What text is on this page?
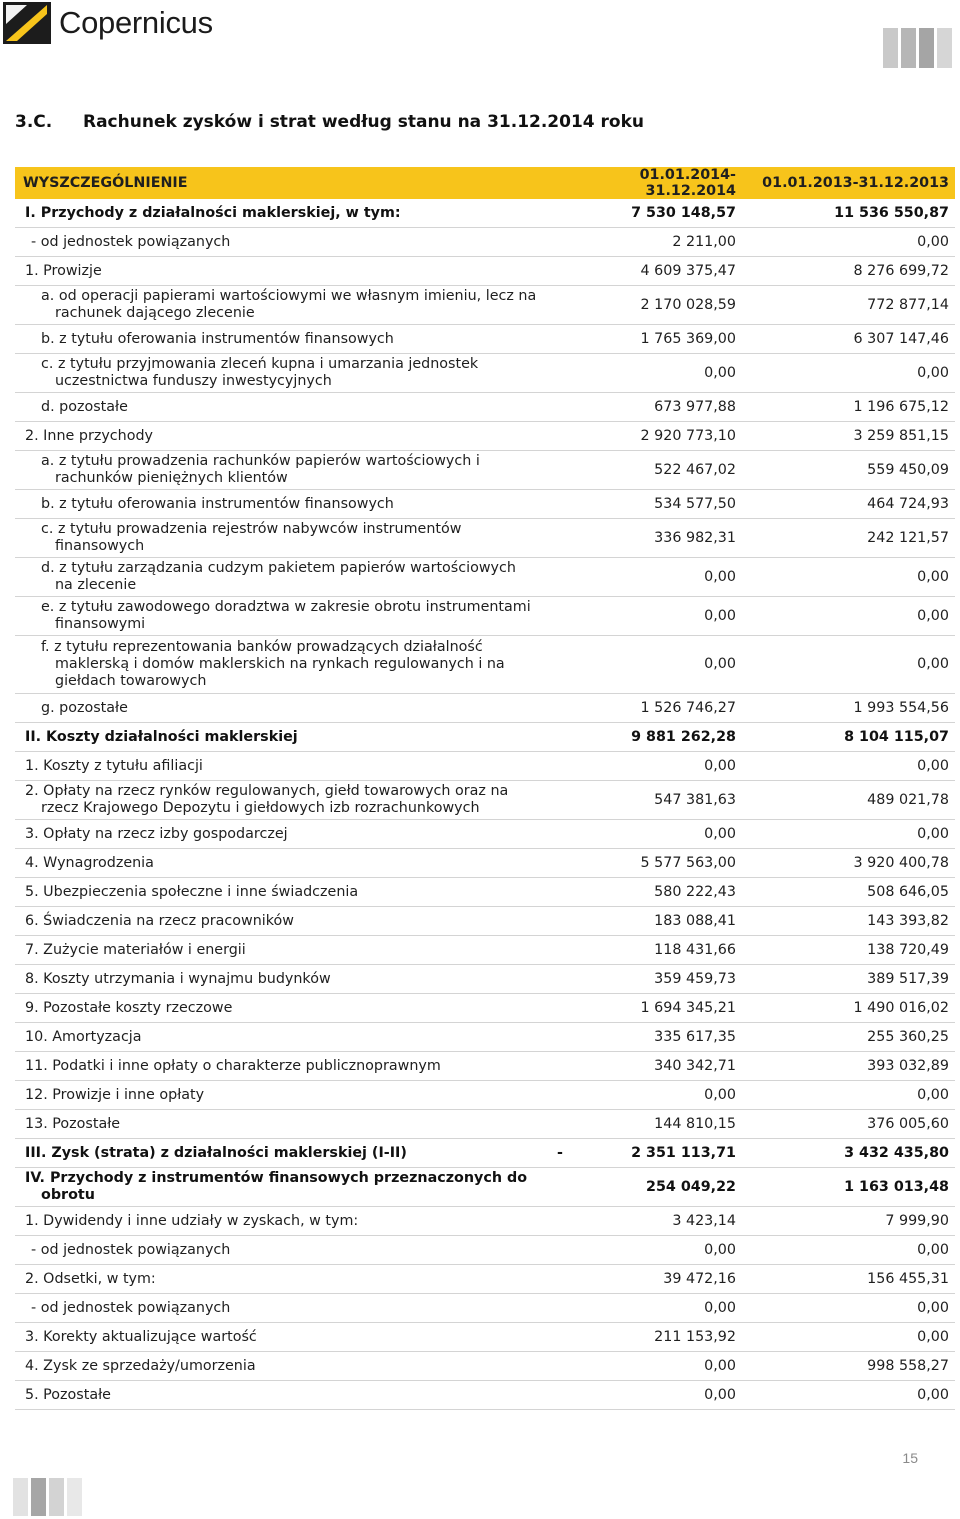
Copernicus
3.C. Rachunek zysków i strat według stanu na 31.12.2014 roku
WYSZCZEGÓLNIENIE	01.01.2014-31.12.2014	01.01.2013-31.12.2013

I. Przychody z działalności maklerskiej, w tym:	7 530 148,57	11 536 550,87

- od jednostek powiązanych	2 211,00	0,00

1. Prowizje	4 609 375,47	8 276 699,72

a. od operacji papierami wartościowymi we własnym imieniu, lecz na rachunek dającego zlecenie	2 170 028,59	772 877,14

b. z tytułu oferowania instrumentów finansowych	1 765 369,00	6 307 147,46

c. z tytułu przyjmowania zleceń kupna i umarzania jednostek uczestnictwa funduszy inwestycyjnych	0,00	0,00

d. pozostałe	673 977,88	1 196 675,12

2. Inne przychody	2 920 773,10	3 259 851,15

a. z tytułu prowadzenia rachunków papierów wartościowych i rachunków pieniężnych klientów	522 467,02	559 450,09

b. z tytułu oferowania instrumentów finansowych	534 577,50	464 724,93

c. z tytułu prowadzenia rejestrów nabywców instrumentów finansowych	336 982,31	242 121,57

d. z tytułu zarządzania cudzym pakietem papierów wartościowych na zlecenie	0,00	0,00

e. z tytułu zawodowego doradztwa w zakresie obrotu instrumentami finansowymi	0,00	0,00

f. z tytułu reprezentowania banków prowadzących działalność maklerską i domów maklerskich na rynkach regulowanych i na giełdach towarowych	0,00	0,00

g. pozostałe	1 526 746,27	1 993 554,56

II. Koszty działalności maklerskiej	9 881 262,28	8 104 115,07

1. Koszty z tytułu afiliacji	0,00	0,00

2. Opłaty na rzecz rynków regulowanych, giełd towarowych oraz na rzecz Krajowego Depozytu i giełdowych izb rozrachunkowych	547 381,63	489 021,78

3. Opłaty na rzecz izby gospodarczej	0,00	0,00

4. Wynagrodzenia	5 577 563,00	3 920 400,78

5. Ubezpieczenia społeczne i inne świadczenia	580 222,43	508 646,05

6. Świadczenia na rzecz pracowników	183 088,41	143 393,82

7. Zużycie materiałów i energii	118 431,66	138 720,49

8. Koszty utrzymania i wynajmu budynków	359 459,73	389 517,39

9. Pozostałe koszty rzeczowe	1 694 345,21	1 490 016,02

10. Amortyzacja	335 617,35	255 360,25

11. Podatki i inne opłaty o charakterze publicznoprawnym	340 342,71	393 032,89

12. Prowizje i inne opłaty	0,00	0,00

13. Pozostałe	144 810,15	376 005,60

III. Zysk (strata) z działalności maklerskiej (I-II)	- 2 351 113,71	3 432 435,80

IV. Przychody z instrumentów finansowych przeznaczonych do obrotu	254 049,22	1 163 013,48

1. Dywidendy i inne udziały w zyskach, w tym:	3 423,14	7 999,90

- od jednostek powiązanych	0,00	0,00

2. Odsetki, w tym:	39 472,16	156 455,31

- od jednostek powiązanych	0,00	0,00

3. Korekty aktualizujące wartość	211 153,92	0,00

4. Zysk ze sprzedaży/umorzenia	0,00	998 558,27

5. Pozostałe	0,00	0,00
15
